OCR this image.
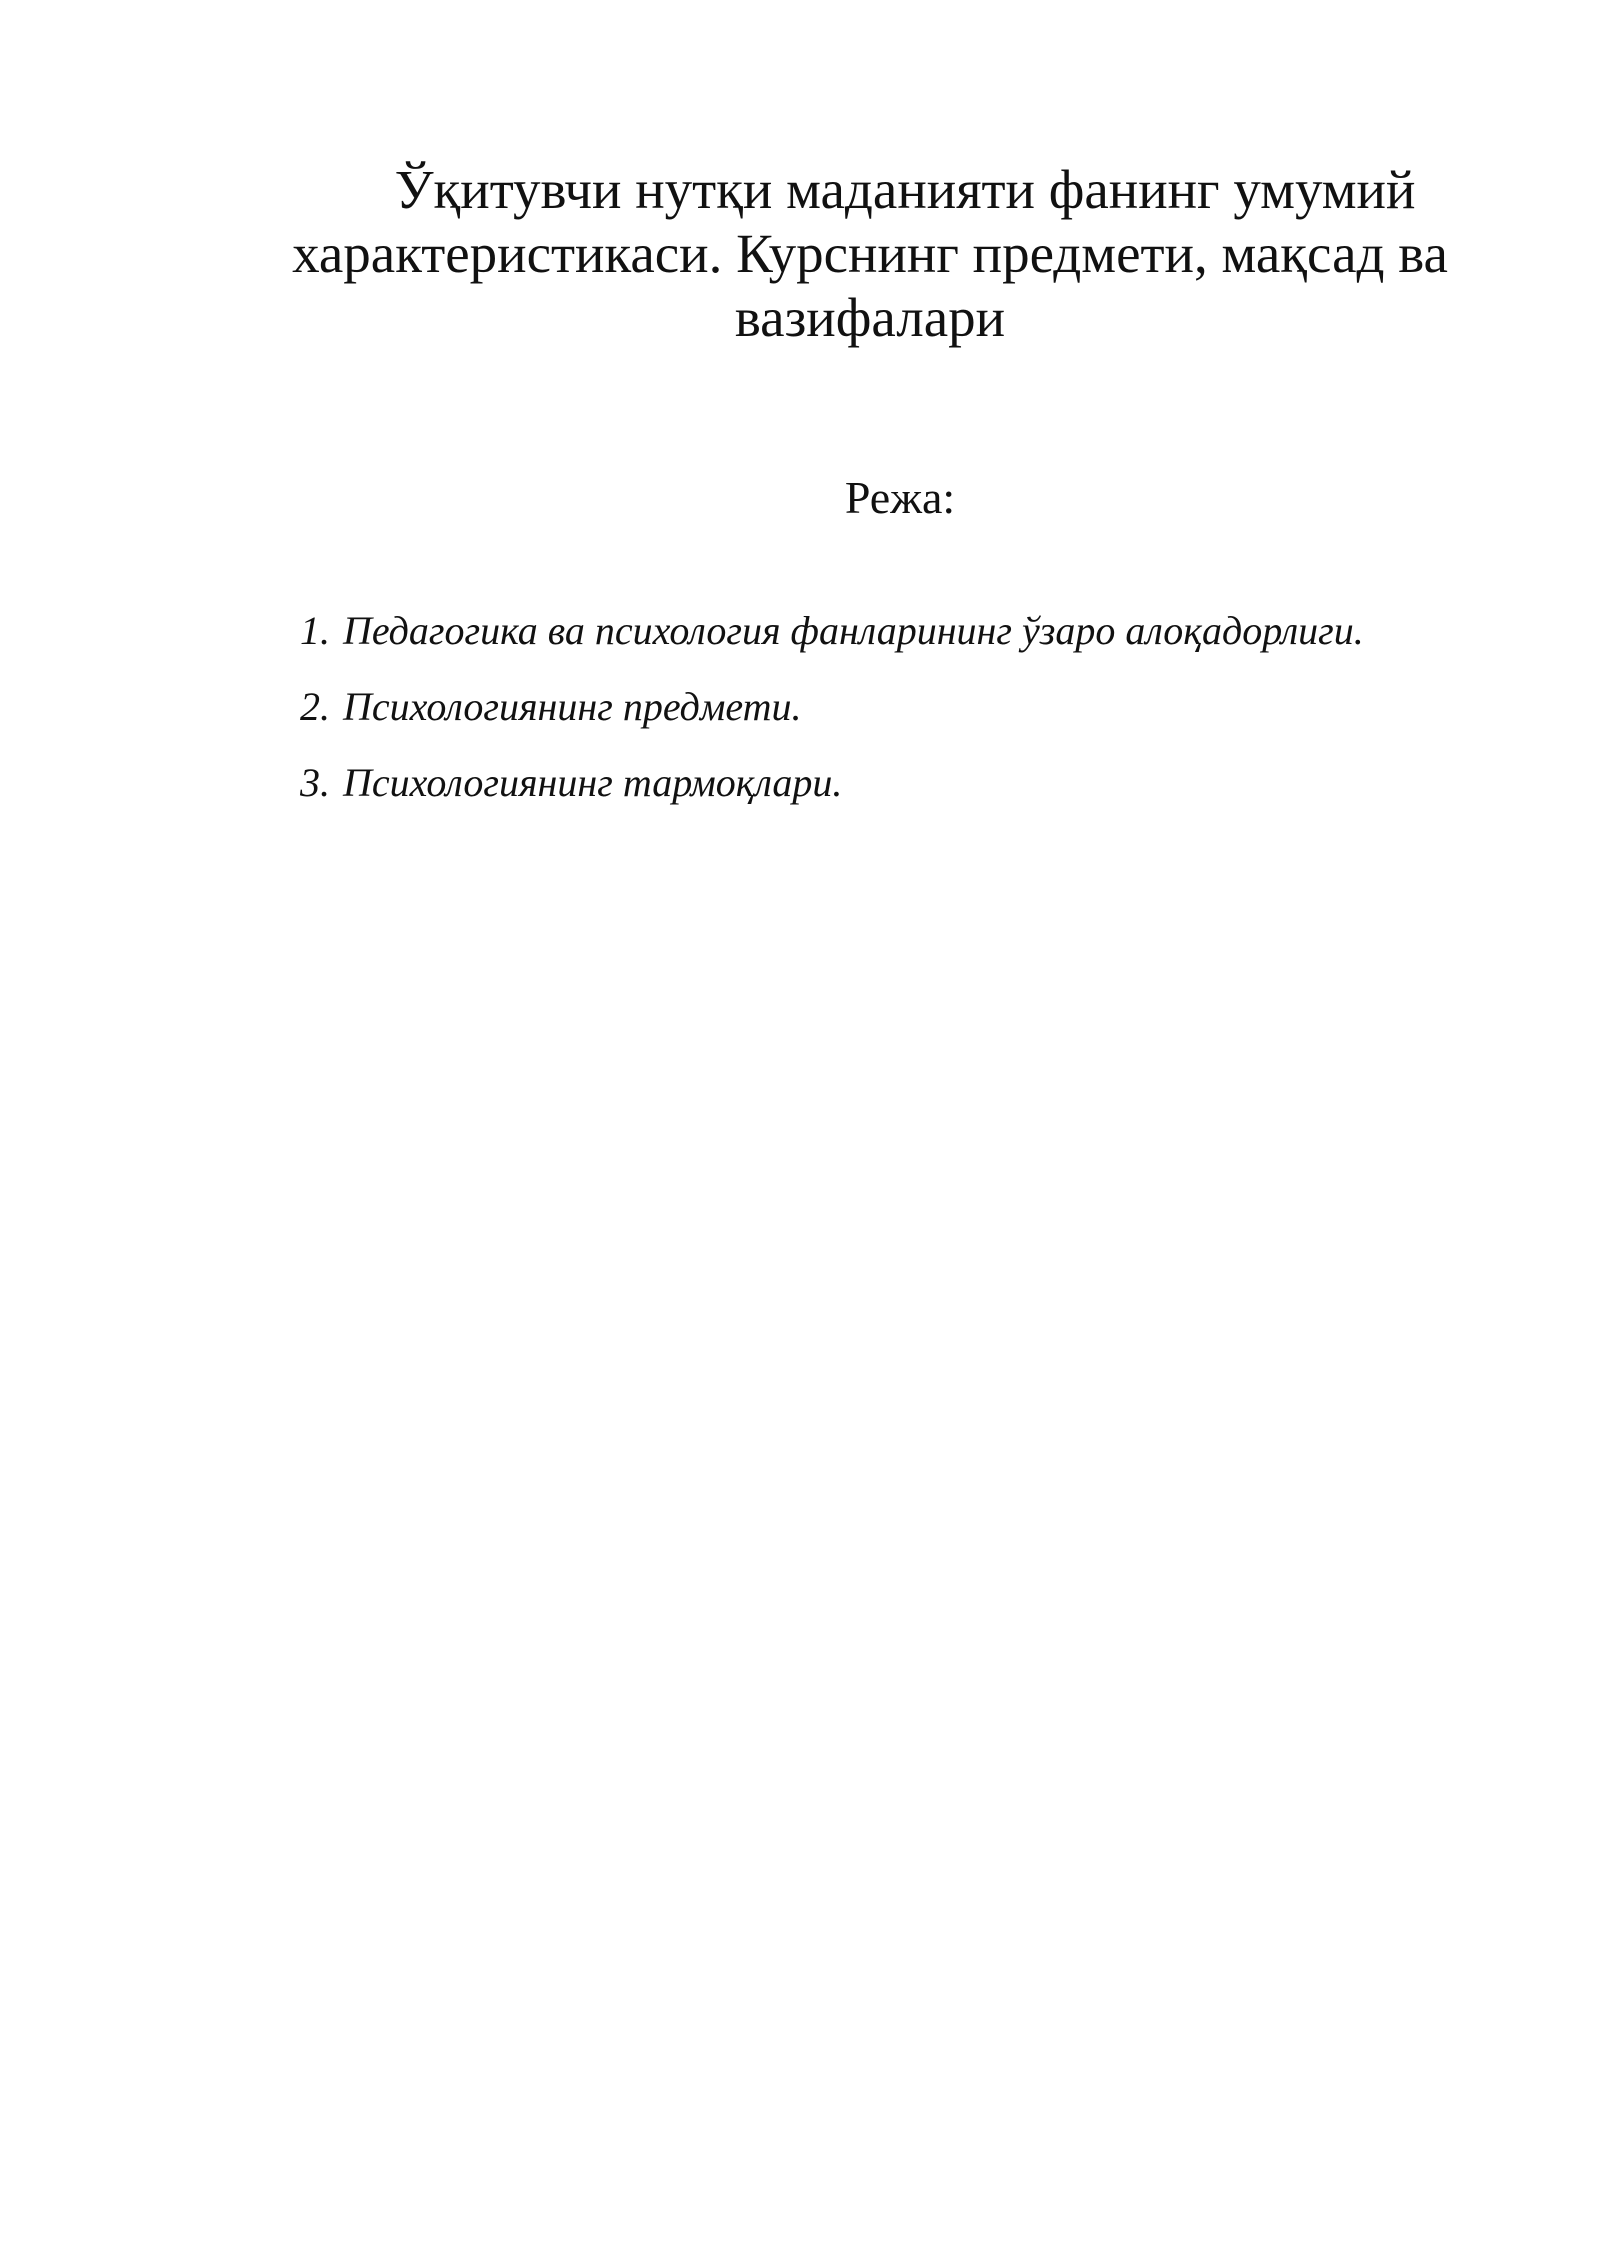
Ўқитувчи нутқи маданияти фанинг умумий характеристикаси. Курснинг предмети, мақсад ва вазифалари
Режа:
1. Педагогика ва психология фанларининг ўзаро алоқадорлиги.
2. Психологиянинг предмети.
3. Психологиянинг тармоқлари.
